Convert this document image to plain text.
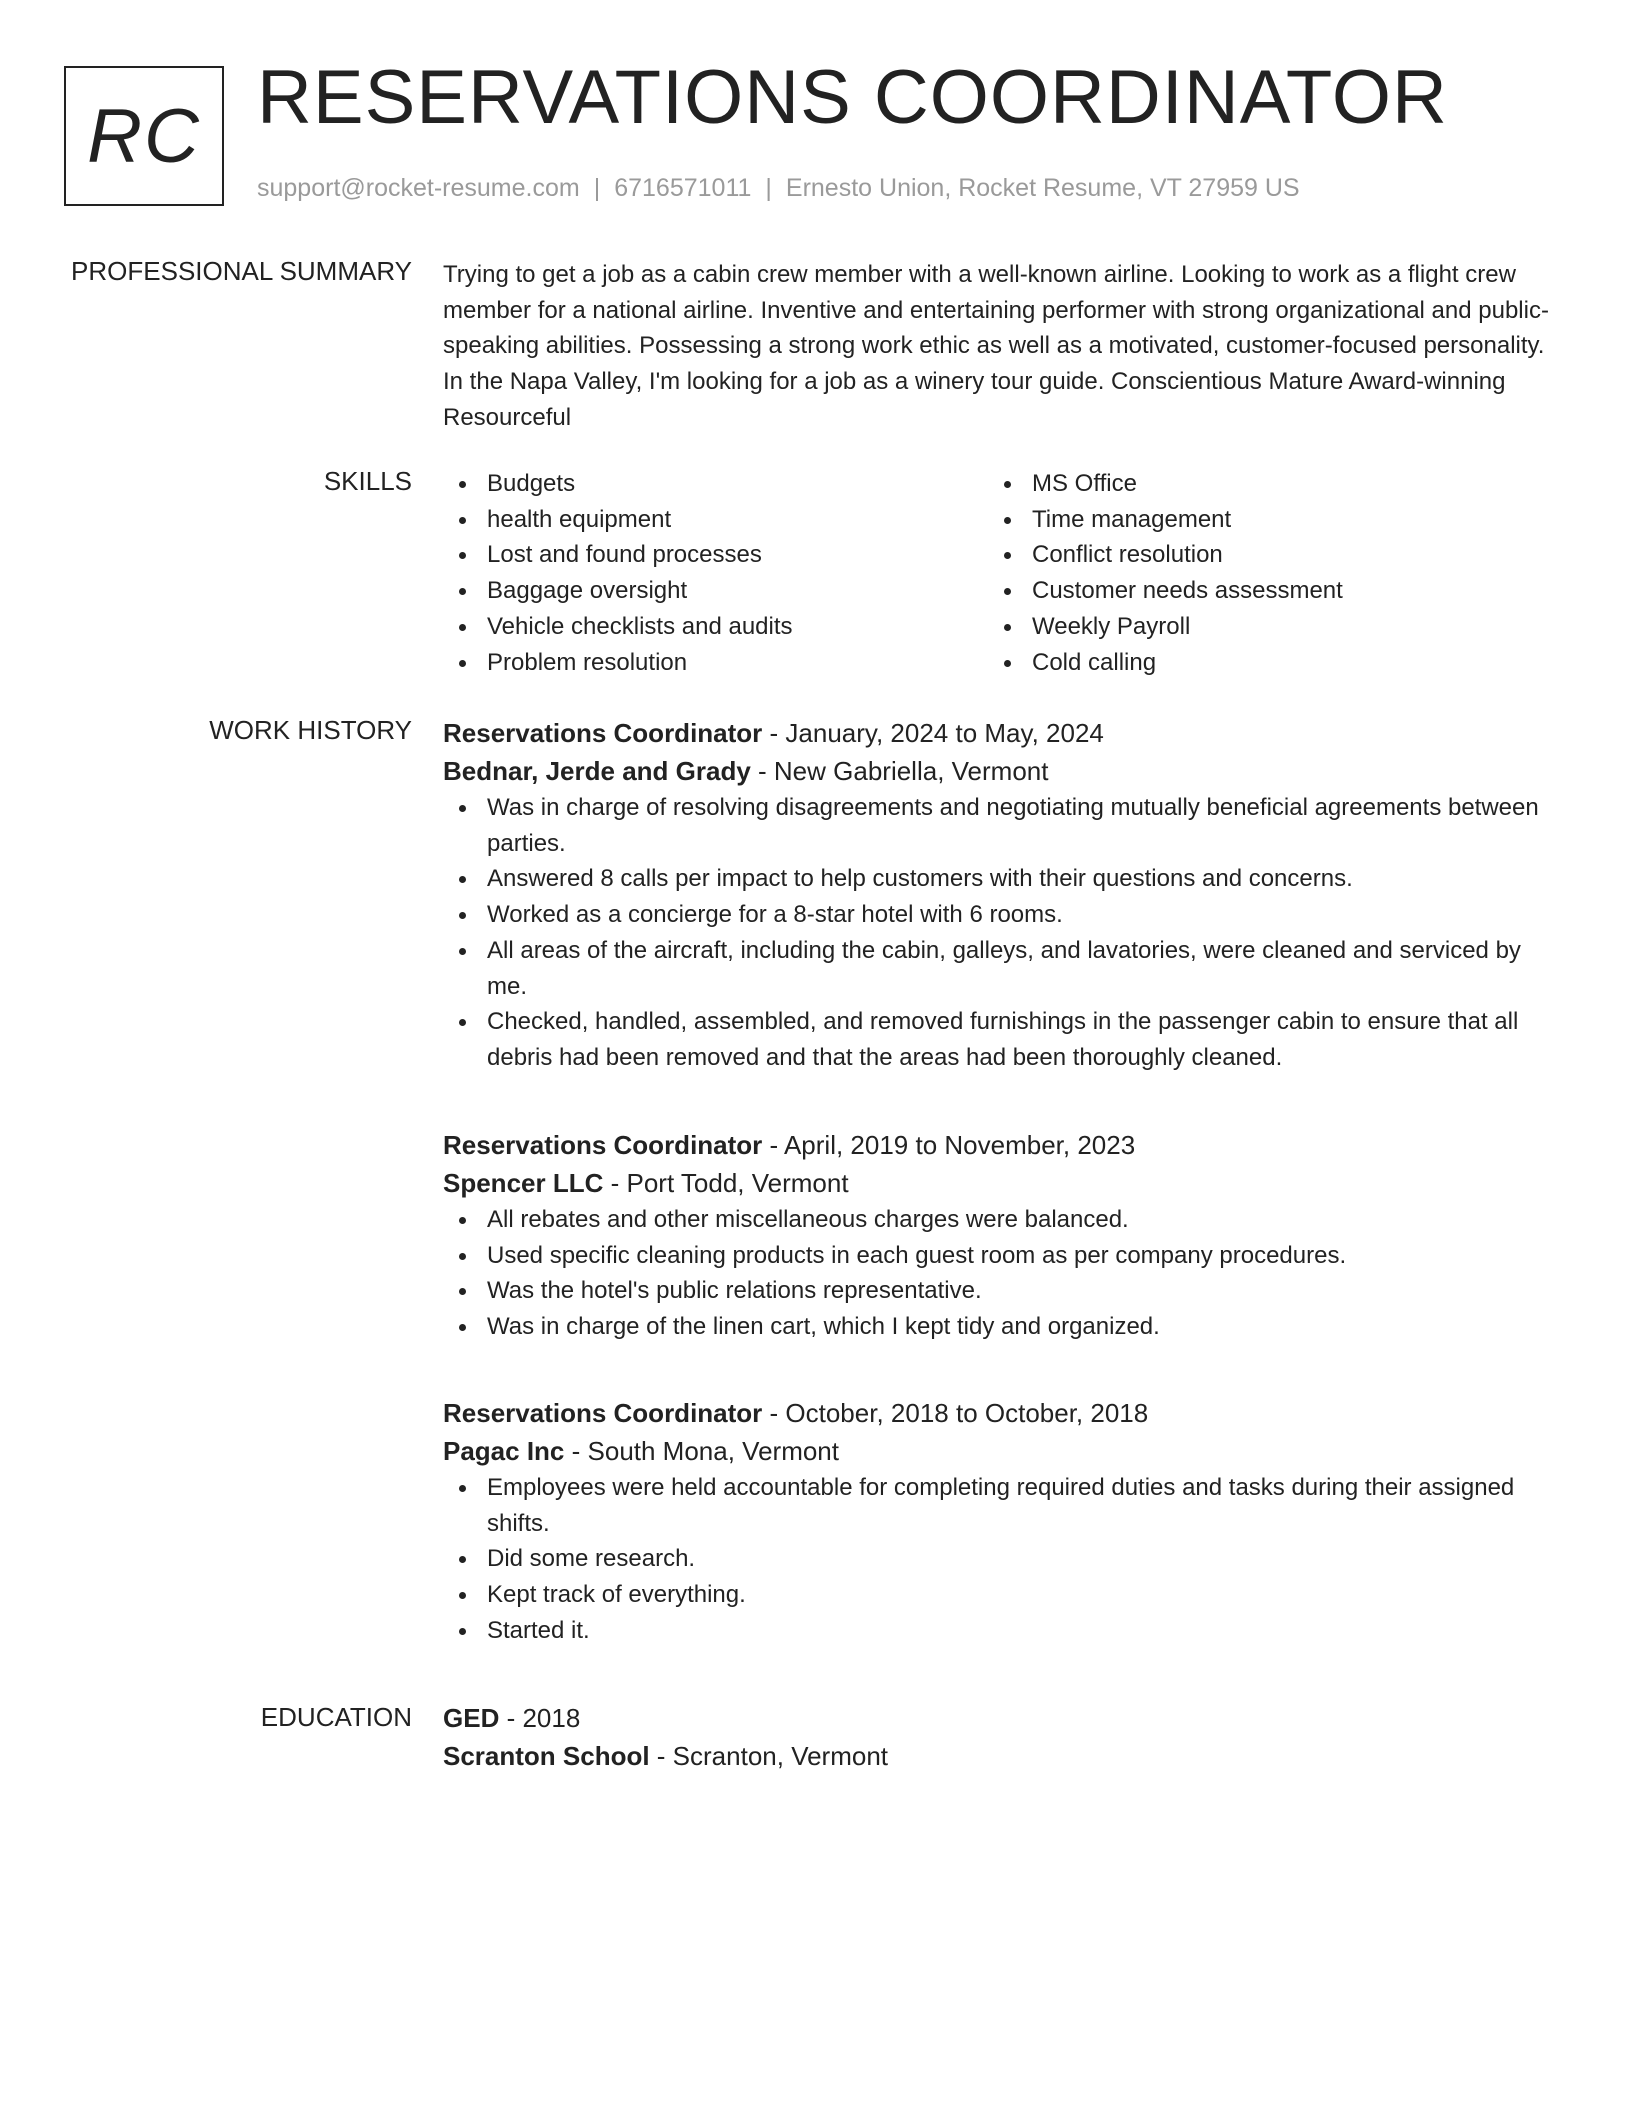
RC RESERVATIONS COORDINATOR
support@rocket-resume.com | 6716571011 | Ernesto Union, Rocket Resume, VT 27959 US
PROFESSIONAL SUMMARY Trying to get a job as a cabin crew member with a well-known airline. Looking to work as a flight crew member for a national airline. Inventive and entertaining performer with strong organizational and public-speaking abilities. Possessing a strong work ethic as well as a motivated, customer-focused personality. In the Napa Valley, I'm looking for a job as a winery tour guide. Conscientious Mature Award-winning Resourceful

SKILLS	Budgets
health equipment
Lost and found processes
Baggage oversight
Vehicle checklists and audits
Problem resolution
MS Office
Time management
Conflict resolution
Customer needs assessment
Weekly Payroll
Cold calling
WORK HISTORY Reservations Coordinator - January, 2024 to May, 2024
Bednar, Jerde and Grady - New Gabriella, Vermont
Was in charge of resolving disagreements and negotiating mutually beneficial agreements between parties.
Answered 8 calls per impact to help customers with their questions and concerns.
Worked as a concierge for a 8-star hotel with 6 rooms.
All areas of the aircraft, including the cabin, galleys, and lavatories, were cleaned and serviced by me.
Checked, handled, assembled, and removed furnishings in the passenger cabin to ensure that all debris had been removed and that the areas had been thoroughly cleaned.
Reservations Coordinator - April, 2019 to November, 2023
Spencer LLC - Port Todd, Vermont
All rebates and other miscellaneous charges were balanced.
Used specific cleaning products in each guest room as per company procedures.
Was the hotel's public relations representative.
Was in charge of the linen cart, which I kept tidy and organized.
Reservations Coordinator - October, 2018 to October, 2018
Pagac Inc - South Mona, Vermont
Employees were held accountable for completing required duties and tasks during their assigned shifts.
Did some research.
Kept track of everything.
Started it.
EDUCATION GED - 2018
Scranton School - Scranton, Vermont
